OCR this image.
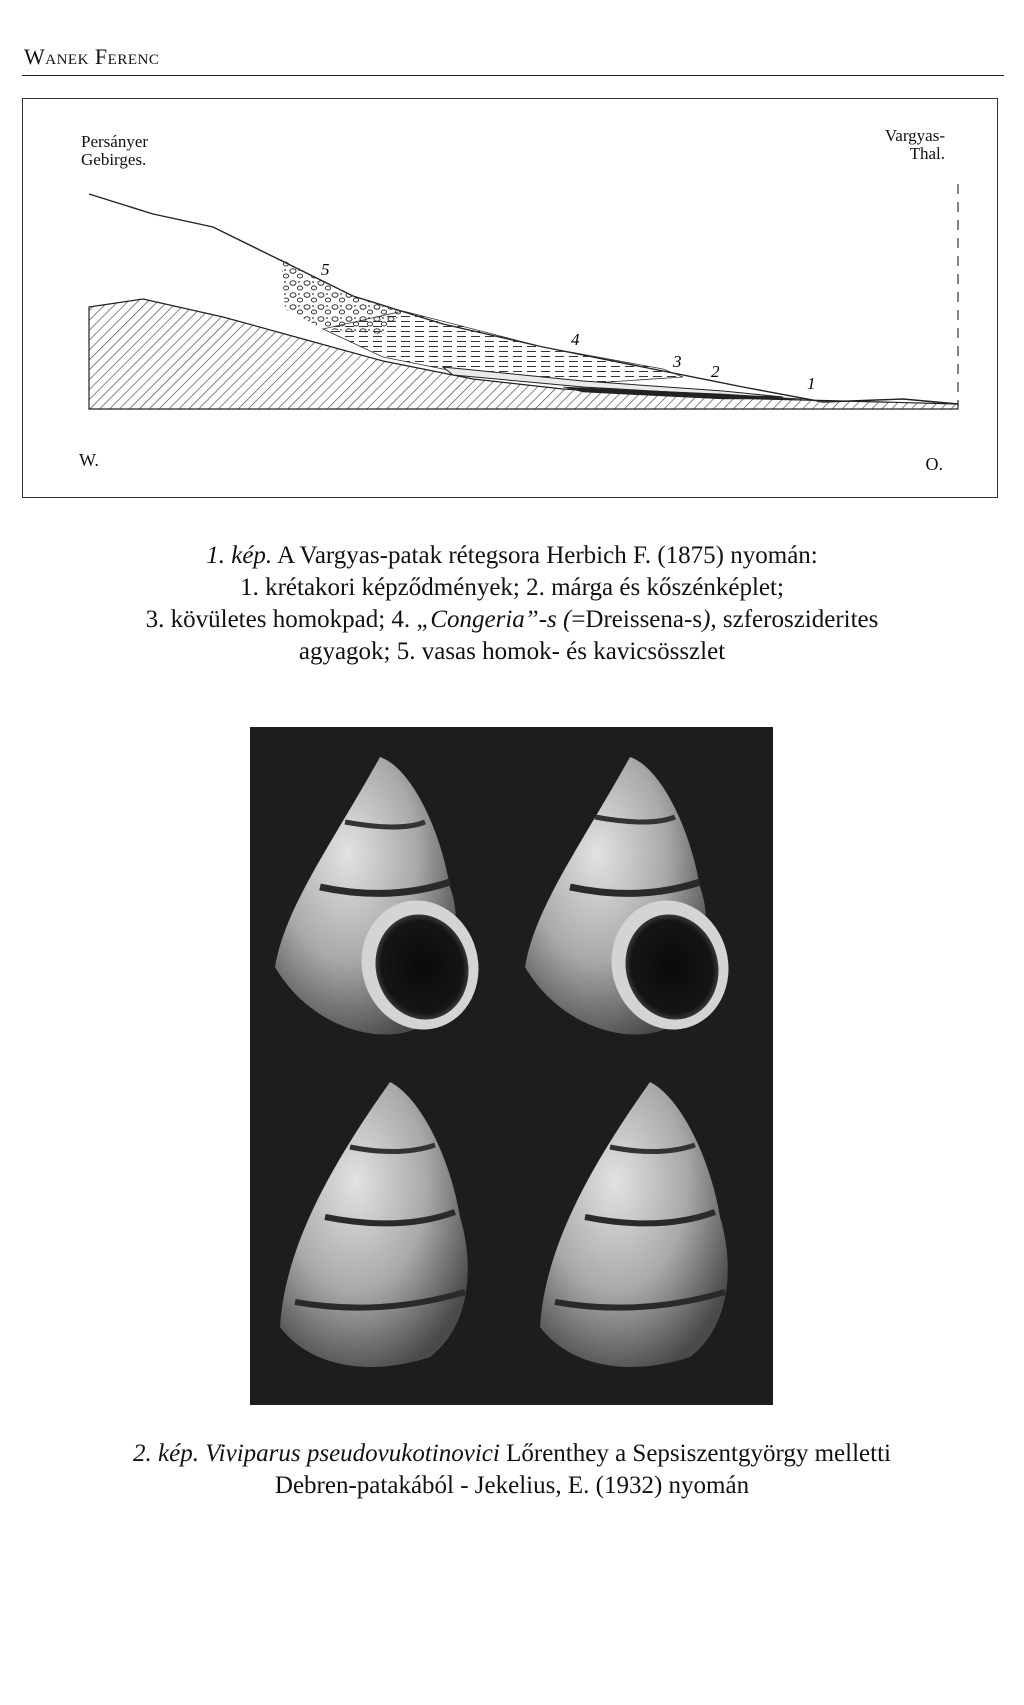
Wanek Ferenc
5
4
3
2
1
Persányer
Gebirges.
Vargyas-
Thal.
W.	O.
1. kép. A Vargyas-patak rétegsora Herbich F. (1875) nyomán:
1. krétakori képződmények; 2. márga és kőszénképlet;
3. kövületes homokpad; 4. „Congeria”-s (=Dreissena-s), szferosziderites
agyagok; 5. vasas homok- és kavicsösszlet
2. kép. Viviparus pseudovukotinovici Lőrenthey a Sepsiszentgyörgy melletti
Debren-patakából - Jekelius, E. (1932) nyomán
